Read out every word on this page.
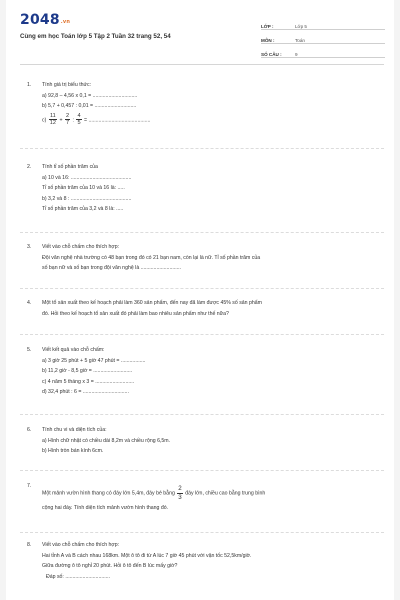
2048.vn
Cùng em học Toán lớp 5 Tập 2 Tuần 32 trang 52, 54
LỚP :	Lớp 5
MÔN :	Toán
SỐ CÂU :	9
1. Tính giá trị biểu thức:
a) 92,8 – 4,56 x 0,1 = ...............................
b) 5,7 + 0,457 : 0,01 = .............................
$c) \frac{11}{12} + \frac{2}{7}$ : $\frac{4}{5}$ = ...........................................
2. Tính tỉ số phần trăm của
a) 10 và 16: ..........................................
Tỉ số phần trăm của 10 và 16 là: .....
b) 3,2 và 8 : ..........................................
Tỉ số phần trăm của 3,2 và 8 là: .....
3. Viết vào chỗ chấm cho thích hợp:
Đội văn nghệ nhà trường có 48 bạn trong đó có 21 bạn nam, còn lại là nữ. Tỉ số phần trăm của
số bạn nữ và số bạn trong đội văn nghệ là ............................
4. Một tổ sản xuất theo kế hoạch phải làm 360 sản phẩm, đến nay đã làm được 45% số sản phẩm
đó. Hỏi theo kế hoạch tổ sản xuất đó phải làm bao nhiêu sản phẩm như thế nữa?
5. Viết kết quả vào chỗ chấm:
a) 3 giờ 25 phút + 5 giờ 47 phút = .................
b) 11,2 giờ - 8,5 giờ = ...........................
c) 4 năm 5 tháng x 3 = ...........................
d) 32,4 phút : 6 = ................................
6. Tính chu vi và diện tích của:
a) Hình chữ nhật có chiều dài 8,2m và chiều rộng 6,5m.
b) Hình tròn bán kính 6cm.
7.
Một mảnh vườn hình thang có đáy lớn 5,4m, đáy bé bằng $\frac{2}{3}$ đáy lớn, chiều cao bằng trung bình
cộng hai đáy. Tính diện tích mảnh vườn hình thang đó.
8. Viết vào chỗ chấm cho thích hợp:
Hai tỉnh A và B cách nhau 168km. Một ô tô đi từ A lúc 7 giờ 45 phút với vận tốc 52,5km/giờ.
Giữa đường ô tô nghỉ 20 phút. Hỏi ô tô đến B lúc mấy giờ?
Đáp số: ...............................
